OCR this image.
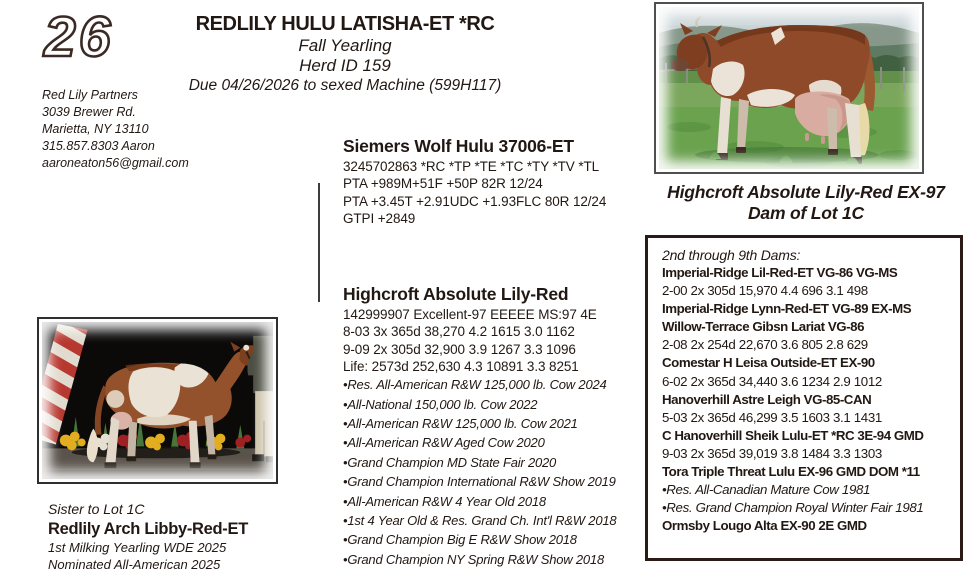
26	REDLILY HULU LATISHA-ET *RC
Fall Yearling
Herd ID 159
Due 04/26/2026 to sexed Machine (599H117)
Red Lily Partners
3039 Brewer Rd.
Marietta, NY 13110
315.857.8303 Aaron
aaroneaton56@gmail.com
Siemers Wolf Hulu 37006-ET
3245702863 *RC *TP *TE *TC *TY *TV *TL
PTA +989M+51F +50P 82R 12/24
PTA +3.45T +2.91UDC +1.93FLC 80R 12/24
GTPI +2849
Highcroft Absolute Lily-Red
142999907 Excellent-97 EEEEE MS:97 4E
8-03 3x 365d 38,270 4.2 1615 3.0 1162
9-09 2x 305d 32,900 3.9 1267 3.3 1096
Life: 2573d 252,630 4.3 10891 3.3 8251
•Res. All-American R&W 125,000 lb. Cow 2024
•All-National 150,000 lb. Cow 2022
•All-American R&W 125,000 lb. Cow 2021
•All-American R&W Aged Cow 2020
•Grand Champion MD State Fair 2020
•Grand Champion International R&W Show 2019
•All-American R&W 4 Year Old 2018
•1st 4 Year Old & Res. Grand Ch. Int'l R&W 2018
•Grand Champion Big E R&W Show 2018
•Grand Champion NY Spring R&W Show 2018
Highcroft Absolute Lily-Red EX-97
Dam of Lot 1C
2nd through 9th Dams:
Imperial-Ridge Lil-Red-ET VG-86 VG-MS
2-00 2x 305d 15,970 4.4 696 3.1 498
Imperial-Ridge Lynn-Red-ET VG-89 EX-MS
Willow-Terrace Gibsn Lariat VG-86
2-08 2x 254d 22,670 3.6 805 2.8 629
Comestar H Leisa Outside-ET EX-90
6-02 2x 365d 34,440 3.6 1234 2.9 1012
Hanoverhill Astre Leigh VG-85-CAN
5-03 2x 365d 46,299 3.5 1603 3.1 1431
C Hanoverhill Sheik Lulu-ET *RC 3E-94 GMD
9-03 2x 365d 39,019 3.8 1484 3.3 1303
Tora Triple Threat Lulu EX-96 GMD DOM *11
•Res. All-Canadian Mature Cow 1981
•Res. Grand Champion Royal Winter Fair 1981
Ormsby Lougo Alta EX-90 2E GMD
Sister to Lot 1C
Redlily Arch Libby-Red-ET
1st Milking Yearling WDE 2025
Nominated All-American 2025
